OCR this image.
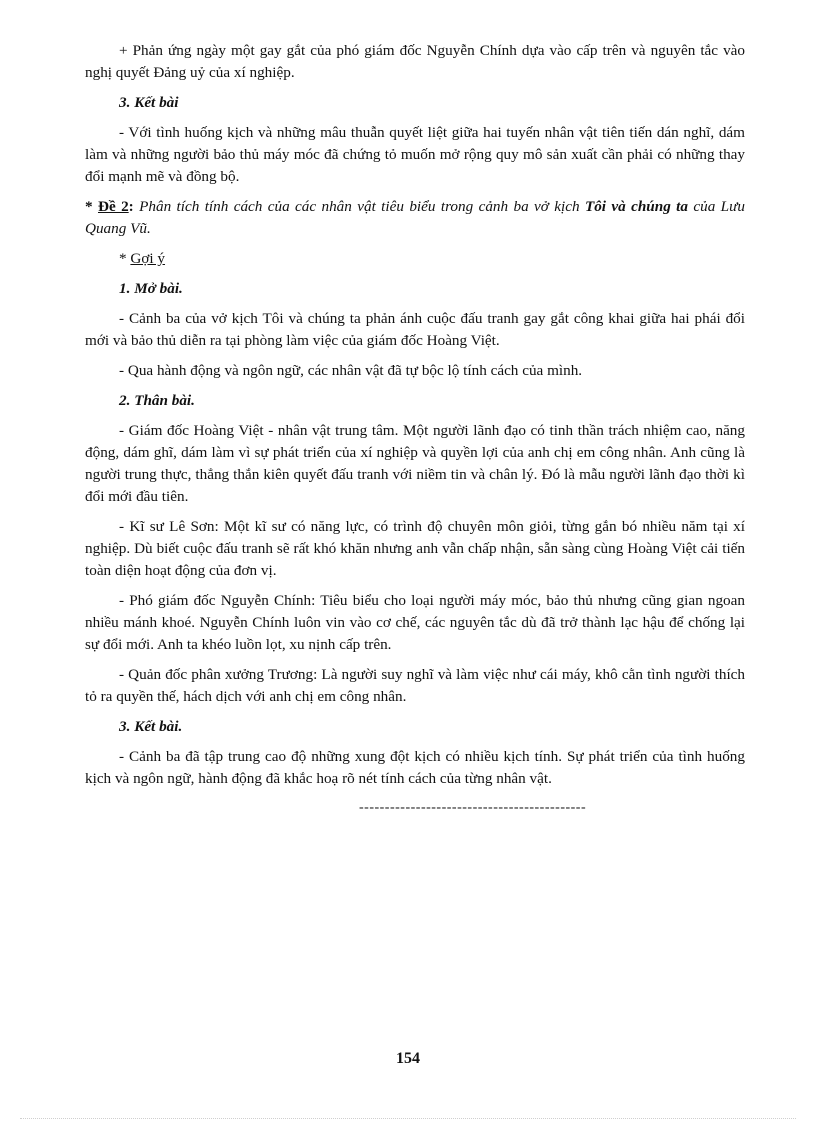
+ Phản ứng ngày một gay gắt của phó giám đốc Nguyễn Chính dựa vào cấp trên và nguyên tắc vào nghị quyết Đảng uỷ của xí nghiệp.

3. Kết bài

- Với tình huống kịch và những mâu thuẫn quyết liệt giữa hai tuyến nhân vật tiên tiến dán nghĩ, dám làm và những người bảo thủ máy móc đã chứng tỏ muốn mở rộng quy mô sản xuất cần phải có những thay đổi mạnh mẽ và đồng bộ.

* Đề 2: Phân tích tính cách của các nhân vật tiêu biểu trong cảnh ba vở kịch Tôi và chúng ta của Lưu Quang Vũ.

* Gợi ý
1. Mở bài.

- Cảnh ba của vở kịch Tôi và chúng ta phản ánh cuộc đấu tranh gay gắt công khai giữa hai phái đổi mới và bảo thủ diễn ra tại phòng làm việc của giám đốc Hoàng Việt.

- Qua hành động và ngôn ngữ, các nhân vật đã tự bộc lộ tính cách của mình.

2. Thân bài.

- Giám đốc Hoàng Việt - nhân vật trung tâm. Một người lãnh đạo có tinh thần trách nhiệm cao, năng động, dám ghĩ, dám làm vì sự phát triển của xí nghiệp và quyền lợi của anh chị em công nhân. Anh cũng là người trung thực, thẳng thắn kiên quyết đấu tranh với niềm tin và chân lý. Đó là mẫu người lãnh đạo thời kì đổi mới đầu tiên.

- Kĩ sư Lê Sơn: Một kĩ sư có năng lực, có trình độ chuyên môn giỏi, từng gắn bó nhiều năm tại xí nghiệp. Dù biết cuộc đấu tranh sẽ rất khó khăn nhưng anh vẫn chấp nhận, sẵn sàng cùng Hoàng Việt cải tiến toàn diện hoạt động của đơn vị.

- Phó giám đốc Nguyễn Chính: Tiêu biểu cho loại người máy móc, bảo thủ nhưng cũng gian ngoan nhiều mánh khoé. Nguyễn Chính luôn vin vào cơ chế, các nguyên tắc dù đã trở thành lạc hậu để chống lại sự đổi mới. Anh ta khéo luồn lọt, xu nịnh cấp trên.

- Quản đốc phân xưởng Trương: Là người suy nghĩ và làm việc như cái máy, khô cằn tình người thích tỏ ra quyền thế, hách dịch với anh chị em công nhân.

3. Kết bài.

- Cảnh ba đã tập trung cao độ những xung đột kịch có nhiều kịch tính. Sự phát triển của tình huống kịch và ngôn ngữ, hành động đã khắc hoạ rõ nét tính cách của từng nhân vật.

--------------------------------------------
154
